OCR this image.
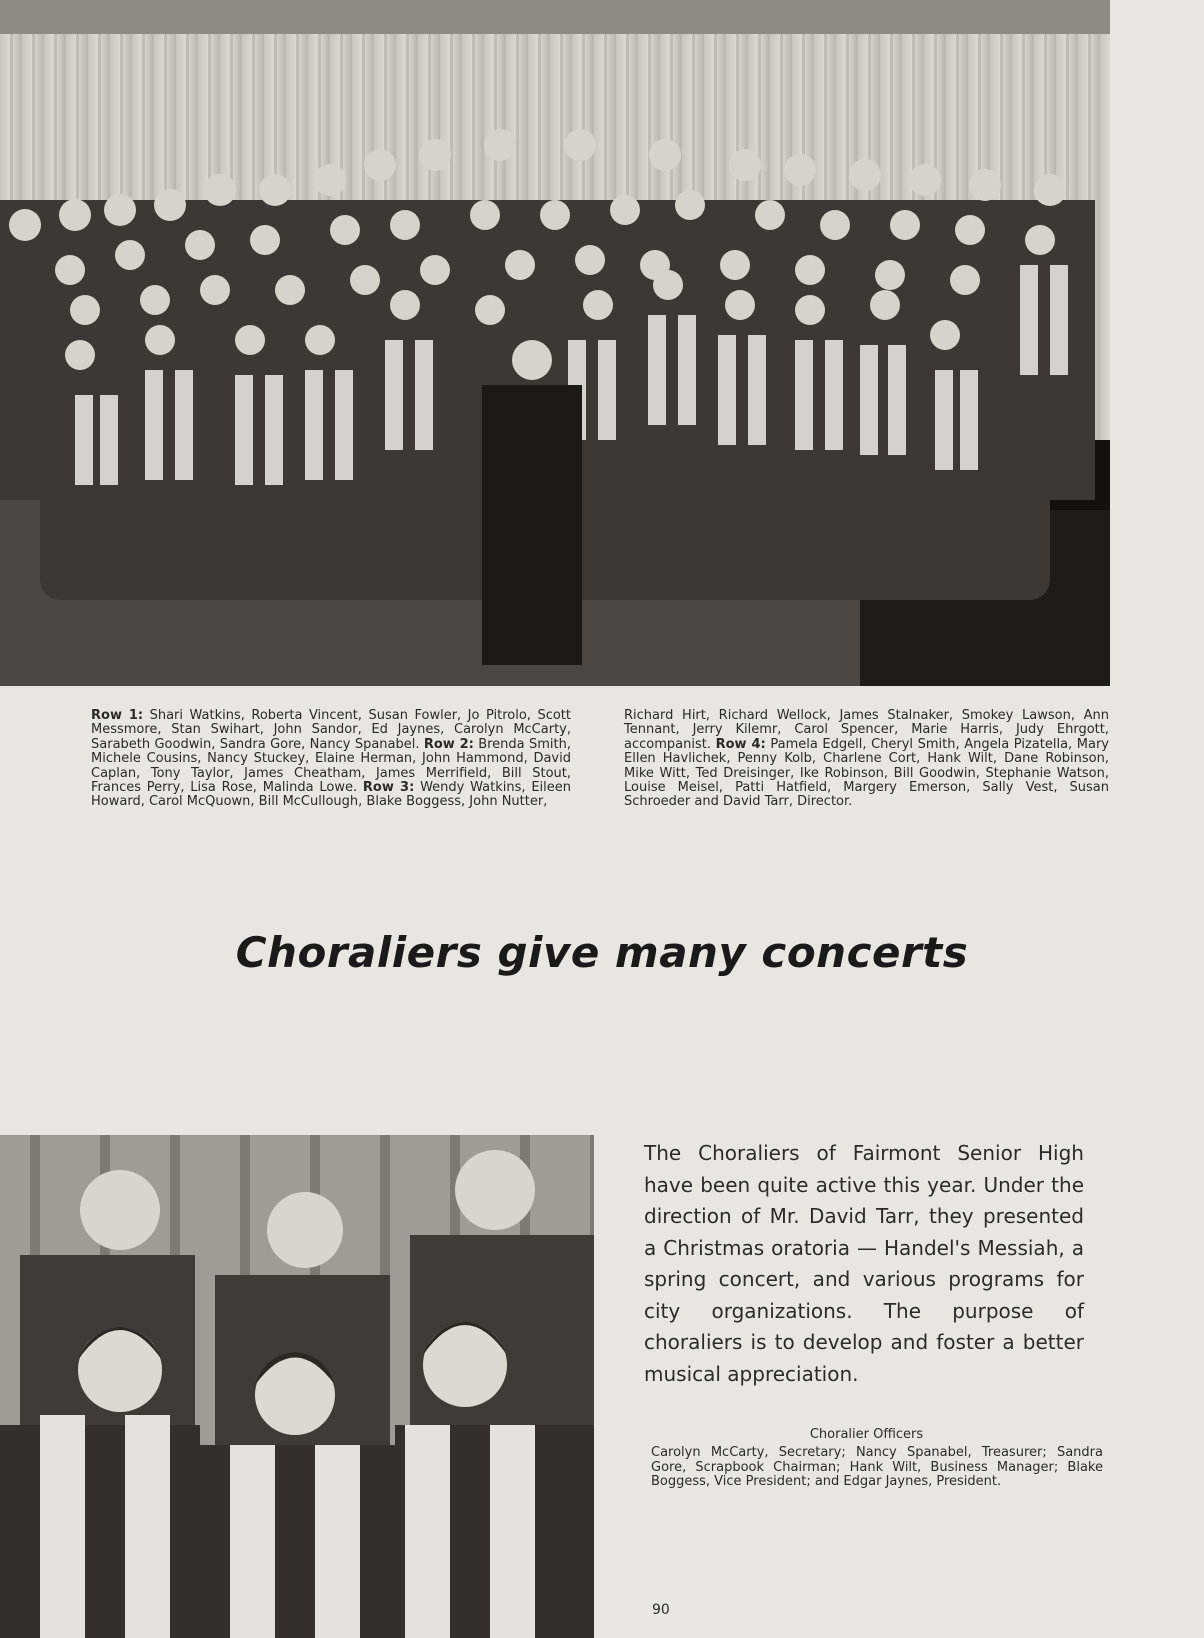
Row 1: Shari Watkins, Roberta Vincent, Susan Fowler, Jo Pitrolo, Scott Messmore, Stan Swihart, John Sandor, Ed Jaynes, Carolyn McCarty, Sarabeth Goodwin, Sandra Gore, Nancy Spanabel. Row 2: Brenda Smith, Michele Cousins, Nancy Stuckey, Elaine Herman, John Hammond, David Caplan, Tony Taylor, James Cheatham, James Merrifield, Bill Stout, Frances Perry, Lisa Rose, Malinda Lowe. Row 3: Wendy Watkins, Eileen Howard, Carol McQuown, Bill McCullough, Blake Boggess, John Nutter,
Richard Hirt, Richard Wellock, James Stalnaker, Smokey Lawson, Ann Tennant, Jerry Kilemr, Carol Spencer, Marie Harris, Judy Ehrgott, accompanist. Row 4: Pamela Edgell, Cheryl Smith, Angela Pizatella, Mary Ellen Havlichek, Penny Kolb, Charlene Cort, Hank Wilt, Dane Robinson, Mike Witt, Ted Dreisinger, Ike Robinson, Bill Goodwin, Stephanie Watson, Louise Meisel, Patti Hatfield, Margery Emerson, Sally Vest, Susan Schroeder and David Tarr, Director.
Choraliers give many concerts

The Choraliers of Fairmont Senior High have been quite active this year. Under the direction of Mr. David Tarr, they presented a Christmas oratoria — Handel's Messiah, a spring concert, and various programs for city organizations. The purpose of choraliers is to develop and foster a better musical appreciation.

Choralier Officers
Carolyn McCarty, Secretary; Nancy Spanabel, Treasurer; Sandra Gore, Scrapbook Chairman; Hank Wilt, Business Manager; Blake Boggess, Vice President; and Edgar Jaynes, President.
90
